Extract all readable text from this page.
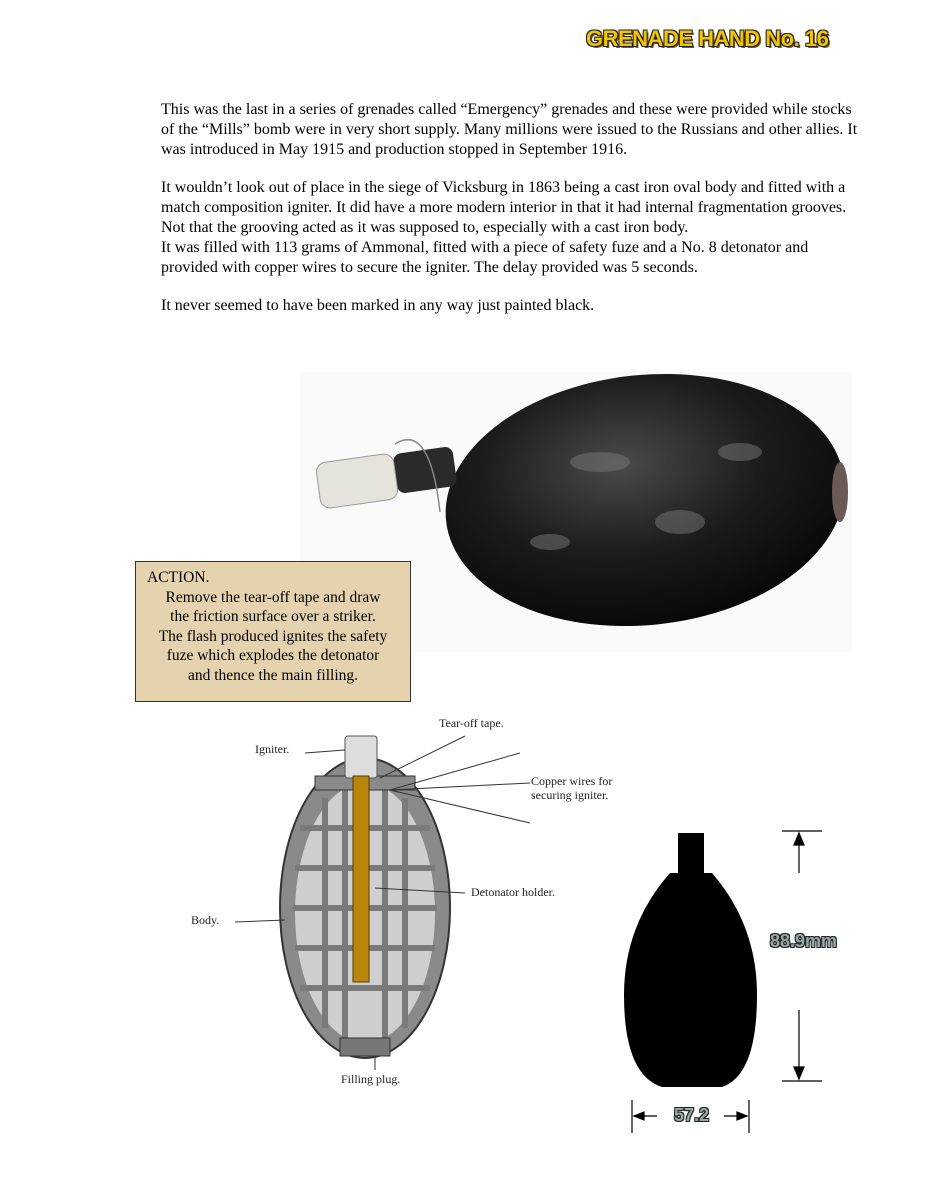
GRENADE HAND No. 16

This was the last in a series of grenades called “Emergency” grenades and these were provided while stocks of the “Mills” bomb were in very short supply. Many millions were issued to the Russians and other allies. It was introduced in May 1915 and production stopped in September 1916.

It wouldn’t look out of place in the siege of Vicksburg in 1863 being a cast iron oval body and fitted with a match composition igniter. It did have a more modern interior in that it had internal fragmentation grooves. Not that the grooving acted as it was supposed to, especially with a cast iron body.

It was filled with 113 grams of Ammonal, fitted with a piece of safety fuze and a No. 8 detonator and provided with copper wires to secure the igniter. The delay provided was 5 seconds.

It never seemed to have been marked in any way just painted black.

ACTION.
Remove the tear-off tape and draw
the friction surface over a striker.
The flash produced ignites the safety
fuze which explodes the detonator
and thence the main filling.
Tear-off tape.
Igniter.
Copper wires for
securing igniter.
Detonator holder.
Body.
Filling plug.
88.9mm
57.2
